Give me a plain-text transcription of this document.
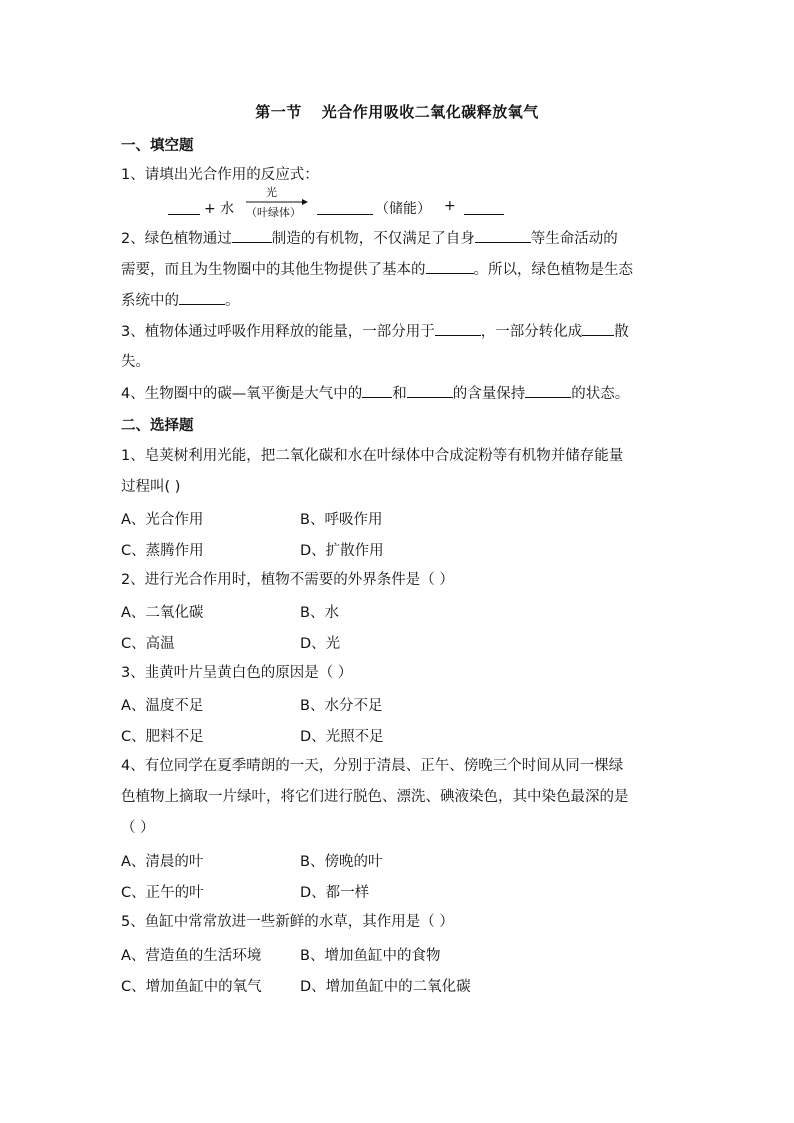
第一节 光合作用吸收二氧化碳释放氧气
一、填空题
1、请填出光合作用的反应式：
+ 水
光
（叶绿体）	（储能） +
2、绿色植物通过	制造的有机物，不仅满足了自身	等生命活动的
需要，而且为生物圈中的其他生物提供了基本的	。所以，绿色植物是生态
系统中的	。
3、植物体通过呼吸作用释放的能量，一部分用于	，一部分转化成 散
失。
4、生物圈中的碳—氧平衡是大气中的 和	的含量保持	的状态。
二、选择题
1、皂荚树利用光能，把二氧化碳和水在叶绿体中合成淀粉等有机物并储存能量
过程叫( )
A、光合作用	B、呼吸作用
C、蒸腾作用	D、扩散作用
2、进行光合作用时，植物不需要的外界条件是（ ）
A、二氧化碳	B、水
C、高温	D、光
3、韭黄叶片呈黄白色的原因是（ ）
A、温度不足	B、水分不足
C、肥料不足	D、光照不足
4、有位同学在夏季晴朗的一天，分别于清晨、正午、傍晚三个时间从同一棵绿
色植物上摘取一片绿叶，将它们进行脱色、漂洗、碘液染色，其中染色最深的是
（ ）
A、清晨的叶	B、傍晚的叶
C、正午的叶	D、都一样
5、鱼缸中常常放进一些新鲜的水草，其作用是（ ）
A、营造鱼的生活环境	B、增加鱼缸中的食物
C、增加鱼缸中的氧气	D、增加鱼缸中的二氧化碳
